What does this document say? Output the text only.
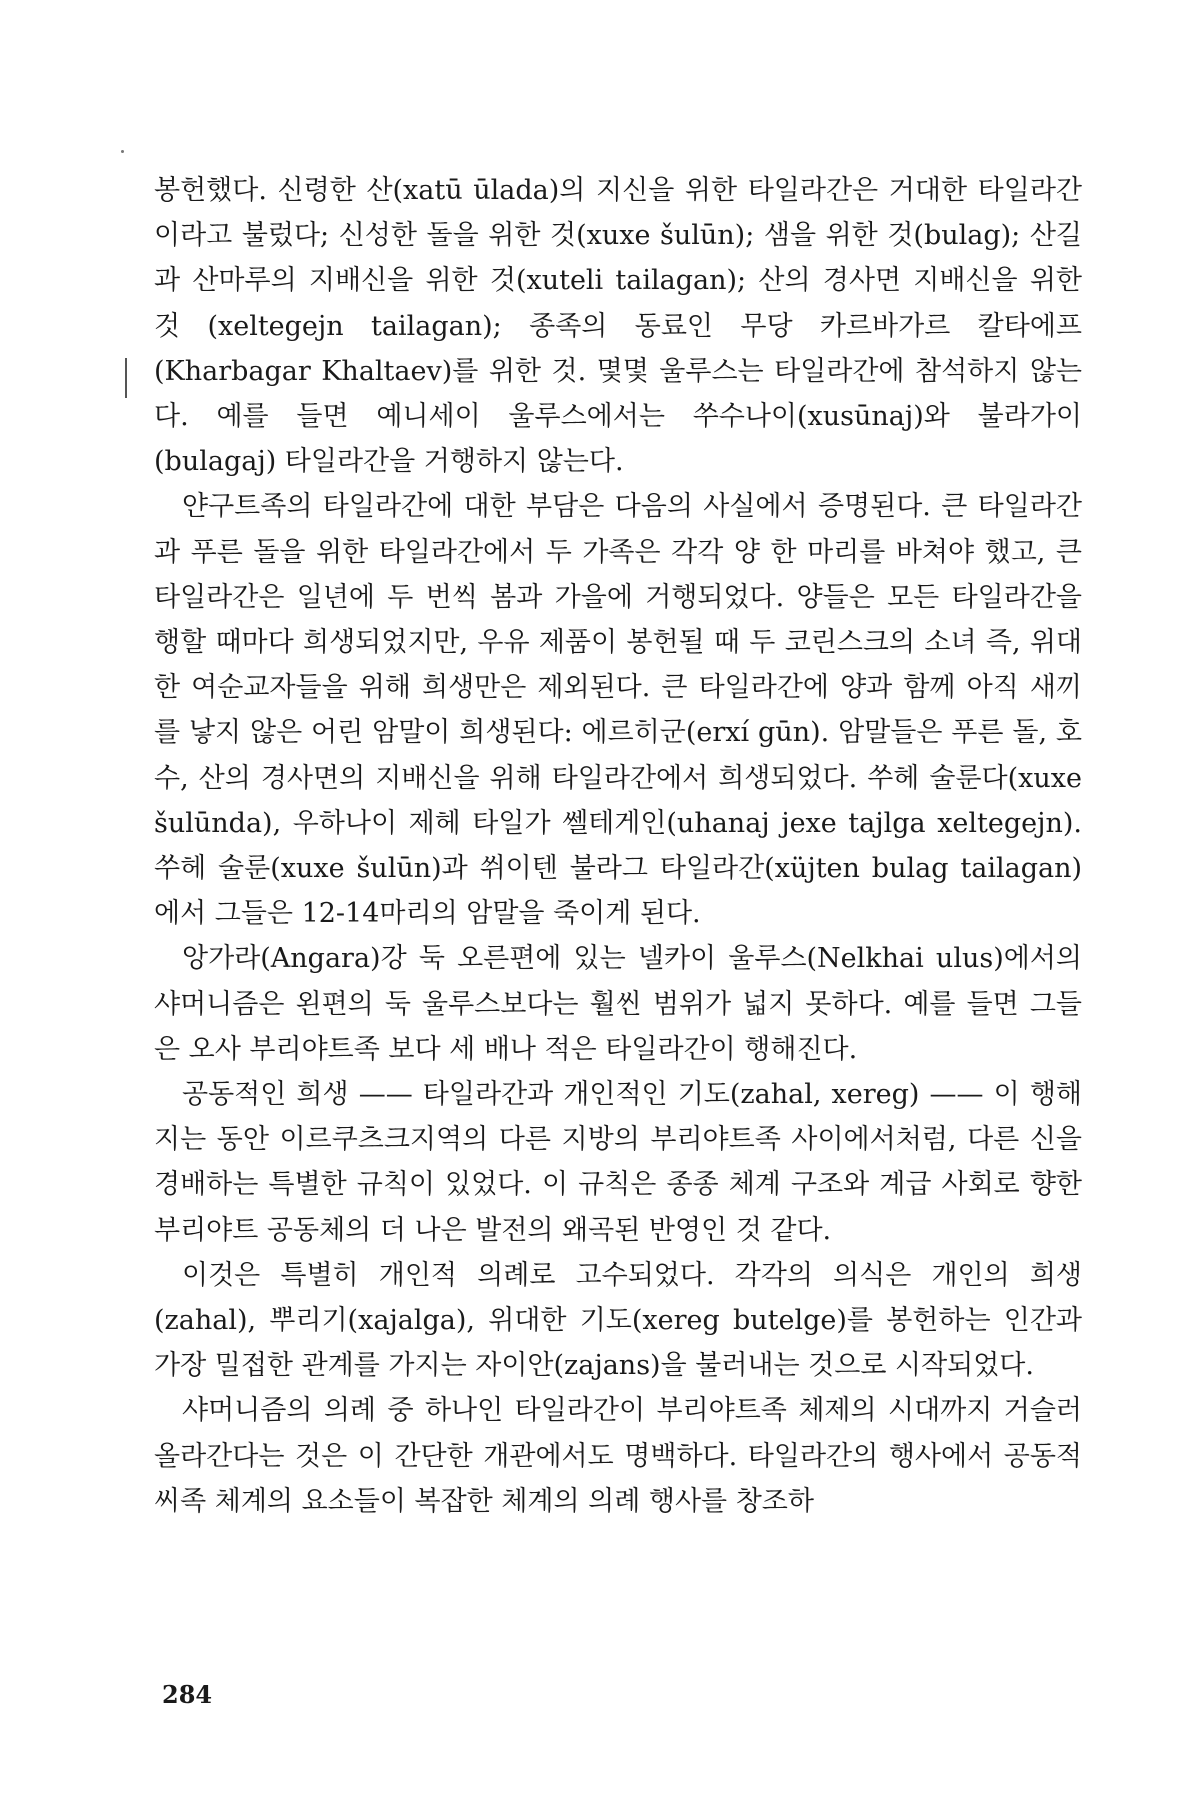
봉헌했다. 신령한 산(xatū ūlada)의 지신을 위한 타일라간은 거대한 타일라간이라고 불렀다; 신성한 돌을 위한 것(xuxe šulūn); 샘을 위한 것(bulag); 산길과 산마루의 지배신을 위한 것(xuteli tailagan); 산의 경사면 지배신을 위한 것 (xeltegejn tailagan); 종족의 동료인 무당 카르바가르 칼타에프(Kharbagar Khaltaev)를 위한 것. 몇몇 울루스는 타일라간에 참석하지 않는다. 예를 들면 예니세이 울루스에서는 쑤수나이(xusūnaj)와 불라가이(bulagaj) 타일라간을 거행하지 않는다.

얀구트족의 타일라간에 대한 부담은 다음의 사실에서 증명된다. 큰 타일라간과 푸른 돌을 위한 타일라간에서 두 가족은 각각 양 한 마리를 바쳐야 했고, 큰 타일라간은 일년에 두 번씩 봄과 가을에 거행되었다. 양들은 모든 타일라간을 행할 때마다 희생되었지만, 우유 제품이 봉헌될 때 두 코린스크의 소녀 즉, 위대한 여순교자들을 위해 희생만은 제외된다. 큰 타일라간에 양과 함께 아직 새끼를 낳지 않은 어린 암말이 희생된다: 에르히군(erxí gūn). 암말들은 푸른 돌, 호수, 산의 경사면의 지배신을 위해 타일라간에서 희생되었다. 쑤헤 술룬다(xuxe šulūnda), 우하나이 제헤 타일가 쎌테게인(uhanaj jexe tajlga xeltegejn). 쑤헤 술룬(xuxe šulūn)과 쒸이텐 불라그 타일라간(xüjten bulag tailagan)에서 그들은 12-14마리의 암말을 죽이게 된다.

앙가라(Angara)강 둑 오른편에 있는 넬카이 울루스(Nelkhai ulus)에서의 샤머니즘은 왼편의 둑 울루스보다는 훨씬 범위가 넓지 못하다. 예를 들면 그들은 오사 부리야트족 보다 세 배나 적은 타일라간이 행해진다.

공동적인 희생 —— 타일라간과 개인적인 기도(zahal, xereg) —— 이 행해지는 동안 이르쿠츠크지역의 다른 지방의 부리야트족 사이에서처럼, 다른 신을 경배하는 특별한 규칙이 있었다. 이 규칙은 종종 체계 구조와 계급 사회로 향한 부리야트 공동체의 더 나은 발전의 왜곡된 반영인 것 같다.

이것은 특별히 개인적 의례로 고수되었다. 각각의 의식은 개인의 희생(zahal), 뿌리기(xajalga), 위대한 기도(xereg butelge)를 봉헌하는 인간과 가장 밀접한 관계를 가지는 자이안(zajans)을 불러내는 것으로 시작되었다.

샤머니즘의 의례 중 하나인 타일라간이 부리야트족 체제의 시대까지 거슬러 올라간다는 것은 이 간단한 개관에서도 명백하다. 타일라간의 행사에서 공동적 씨족 체계의 요소들이 복잡한 체계의 의례 행사를 창조하

284
